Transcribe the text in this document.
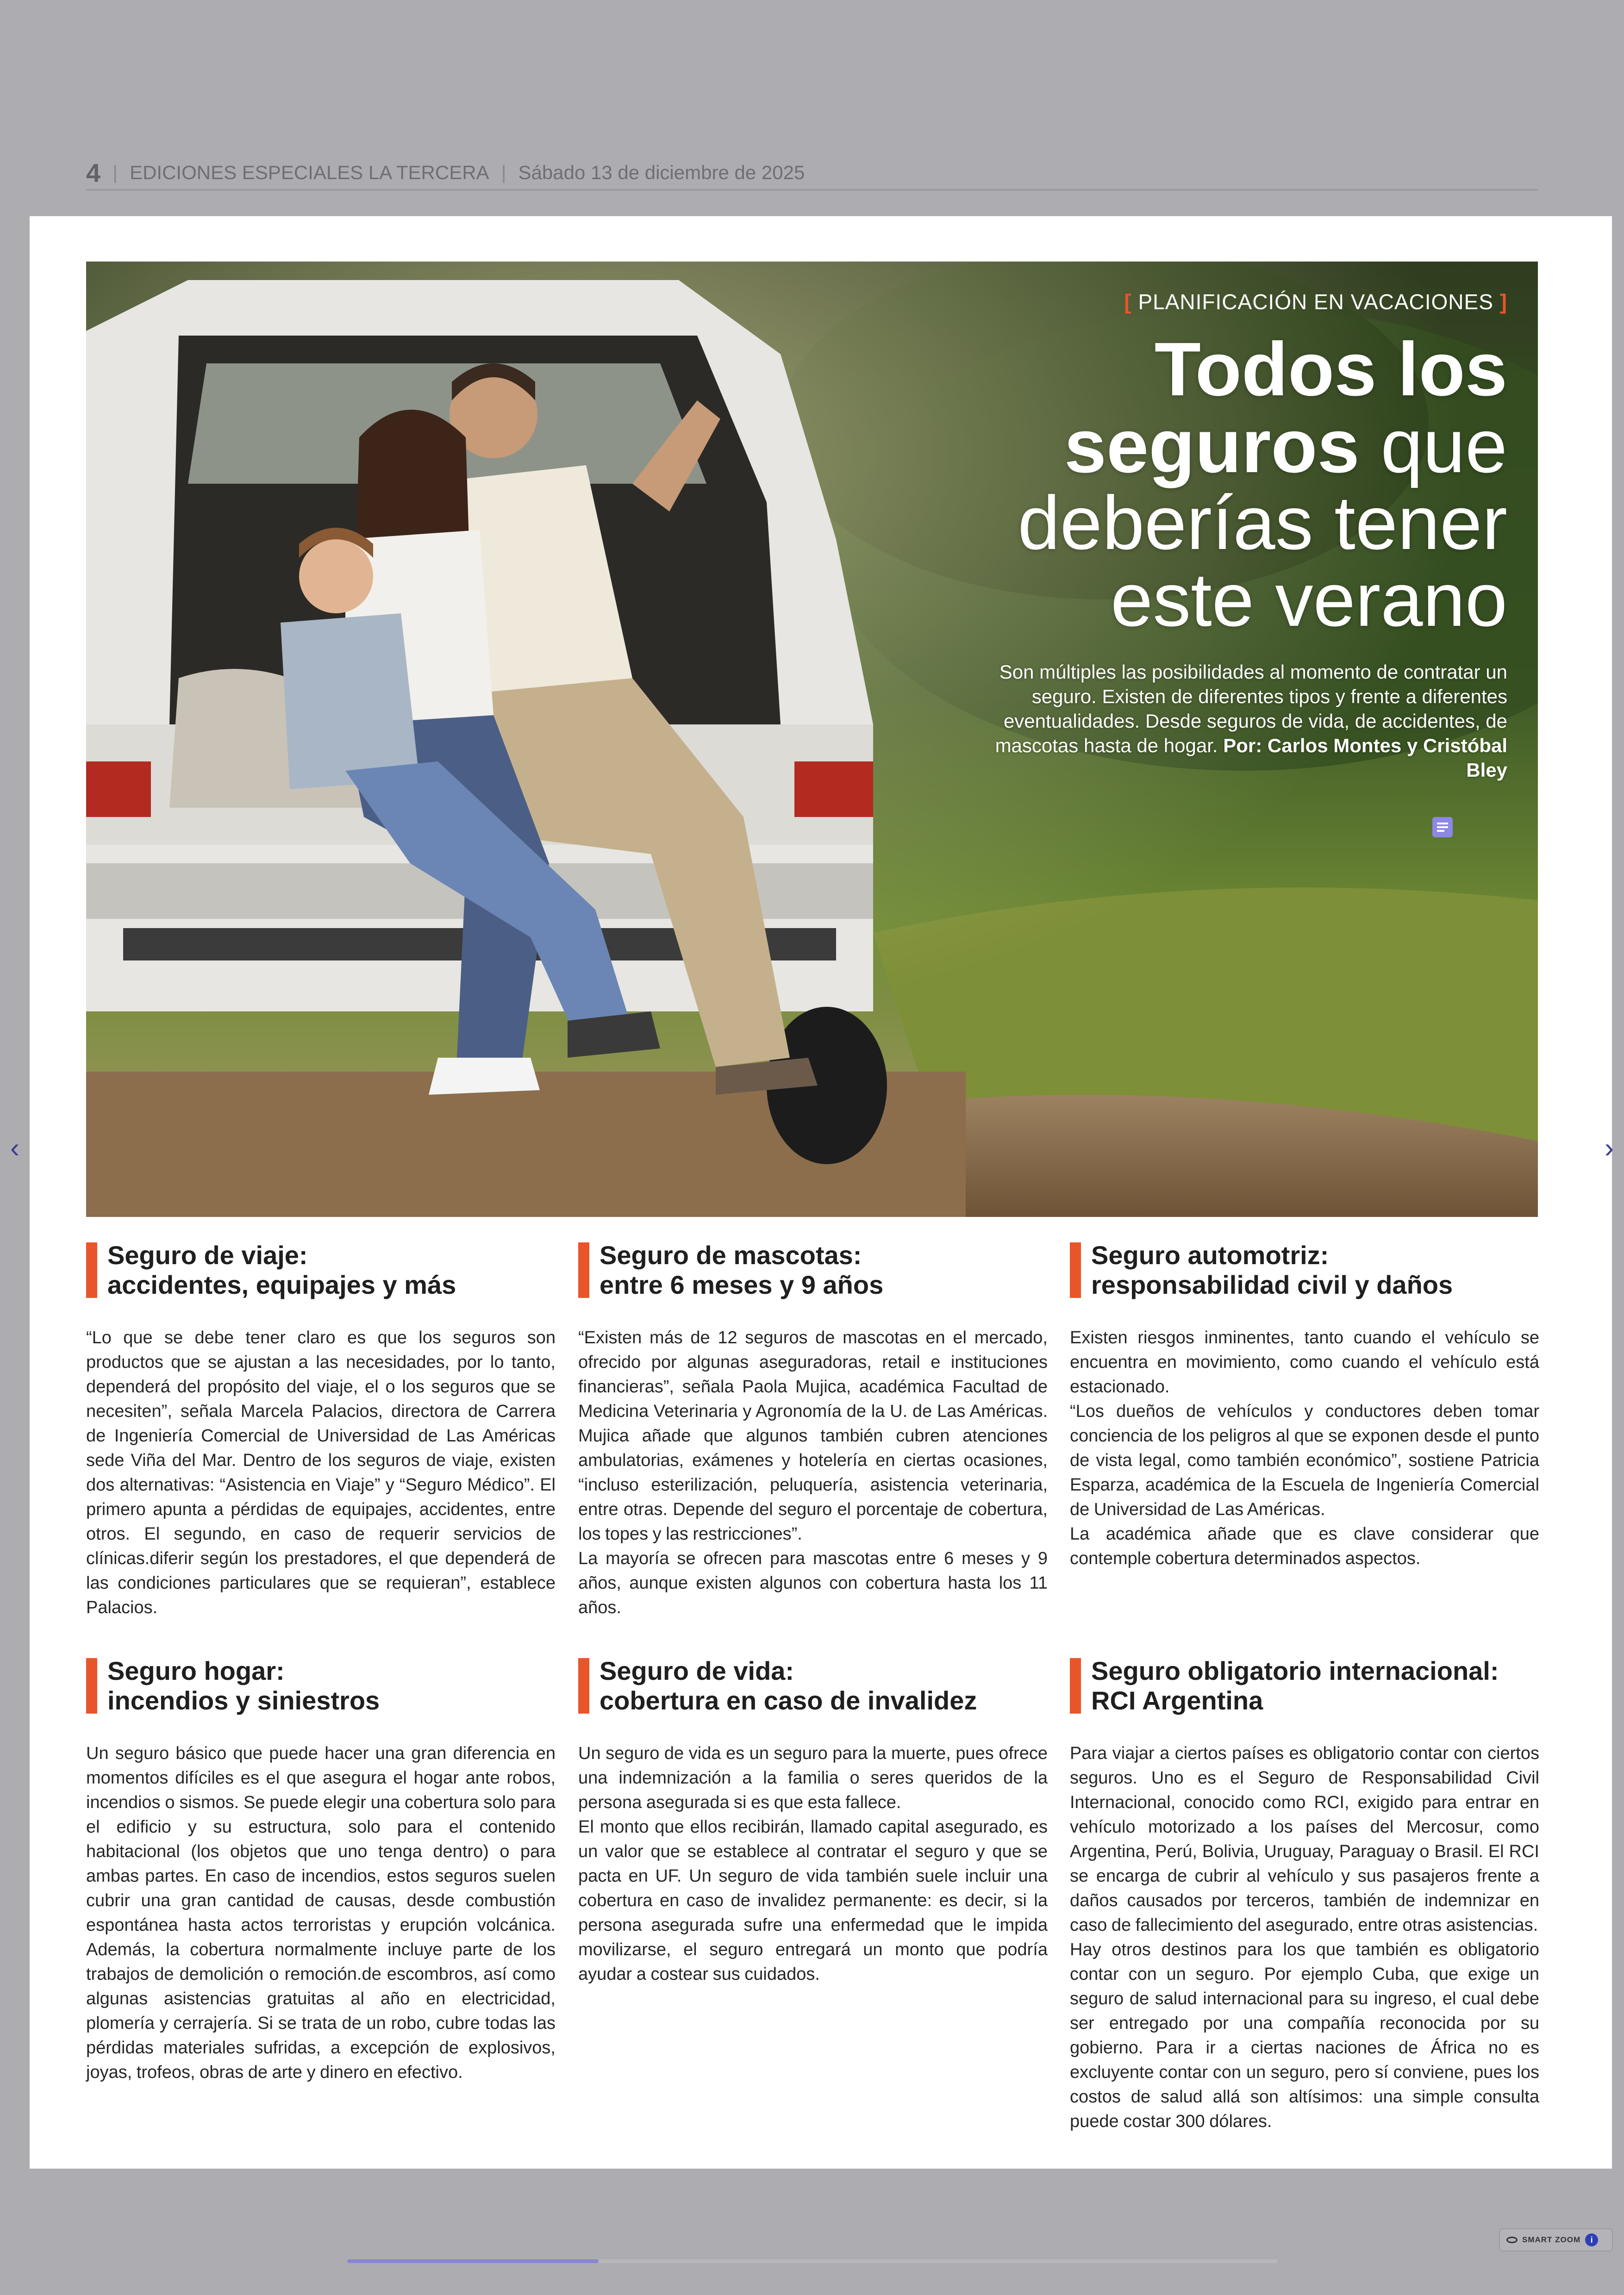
4 | EDICIONES ESPECIALES LA TERCERA | Sábado 13 de diciembre de 2025
[ PLANIFICACIÓN EN VACACIONES ]
Todos los seguros que
deberías tener
este verano
Son múltiples las posibilidades al momento de contratar un seguro. Existen de diferentes tipos y frente a diferentes eventualidades. Desde seguros de vida, de accidentes, de mascotas hasta de hogar. Por: Carlos Montes y Cristóbal Bley
Seguro de viaje:
accidentes, equipajes y más
“Lo que se debe tener claro es que los seguros son productos que se ajustan a las necesidades, por lo tanto, dependerá del propósito del viaje, el o los seguros que se necesiten”, señala Marcela Palacios, directora de Carrera de Ingeniería Comercial de Universidad de Las Américas sede Viña del Mar. Dentro de los seguros de viaje, existen dos alternativas: “Asistencia en Viaje” y “Seguro Médico”. El primero apunta a pérdidas de equipajes, accidentes, entre otros. El segundo, en caso de requerir servicios de clínicas.diferir según los prestadores, el que dependerá de las condiciones particulares que se requieran”, establece Palacios.
Seguro de mascotas:
entre 6 meses y 9 años
“Existen más de 12 seguros de mascotas en el mercado, ofrecido por algunas aseguradoras, retail e instituciones financieras”, señala Paola Mujica, académica Facultad de Medicina Veterinaria y Agronomía de la U. de Las Américas. Mujica añade que algunos también cubren atenciones ambulatorias, exámenes y hotelería en ciertas ocasiones, “incluso esterilización, peluquería, asistencia veterinaria, entre otras. Depende del seguro el porcentaje de cobertura, los topes y las restricciones”.
La mayoría se ofrecen para mascotas entre 6 meses y 9 años, aunque existen algunos con cobertura hasta los 11 años.
Seguro automotriz:
responsabilidad civil y daños
Existen riesgos inminentes, tanto cuando el vehículo se encuentra en movimiento, como cuando el vehículo está estacionado.
“Los dueños de vehículos y conductores deben tomar conciencia de los peligros al que se exponen desde el punto de vista legal, como también económico”, sostiene Patricia Esparza, académica de la Escuela de Ingeniería Comercial de Universidad de Las Américas.
La académica añade que es clave considerar que contemple cobertura determinados aspectos.
Seguro hogar:
incendios y siniestros
Un seguro básico que puede hacer una gran diferencia en momentos difíciles es el que asegura el hogar ante robos, incendios o sismos. Se puede elegir una cobertura solo para el edificio y su estructura, solo para el contenido habitacional (los objetos que uno tenga dentro) o para ambas partes. En caso de incendios, estos seguros suelen cubrir una gran cantidad de causas, desde combustión espontánea hasta actos terroristas y erupción volcánica. Además, la cobertura normalmente incluye parte de los trabajos de demolición o remoción.de escombros, así como algunas asistencias gratuitas al año en electricidad, plomería y cerrajería. Si se trata de un robo, cubre todas las pérdidas materiales sufridas, a excepción de explosivos, joyas, trofeos, obras de arte y dinero en efectivo.
Seguro de vida:
cobertura en caso de invalidez
Un seguro de vida es un seguro para la muerte, pues ofrece una indemnización a la familia o seres queridos de la persona asegurada si es que esta fallece.
El monto que ellos recibirán, llamado capital asegurado, es un valor que se establece al contratar el seguro y que se pacta en UF. Un seguro de vida también suele incluir una cobertura en caso de invalidez permanente: es decir, si la persona asegurada sufre una enfermedad que le impida movilizarse, el seguro entregará un monto que podría ayudar a costear sus cuidados.
Seguro obligatorio internacional:
RCI Argentina
Para viajar a ciertos países es obligatorio contar con ciertos seguros. Uno es el Seguro de Responsabilidad Civil Internacional, conocido como RCI, exigido para entrar en vehículo motorizado a los países del Mercosur, como Argentina, Perú, Bolivia, Uruguay, Paraguay o Brasil. El RCI se encarga de cubrir al vehículo y sus pasajeros frente a daños causados por terceros, también de indemnizar en caso de fallecimiento del asegurado, entre otras asistencias.
Hay otros destinos para los que también es obligatorio contar con un seguro. Por ejemplo Cuba, que exige un seguro de salud internacional para su ingreso, el cual debe ser entregado por una compañía reconocida por su gobierno. Para ir a ciertas naciones de África no es excluyente contar con un seguro, pero sí conviene, pues los costos de salud allá son altísimos: una simple consulta puede costar 300 dólares.
‹	›
SMART ZOOM	i
